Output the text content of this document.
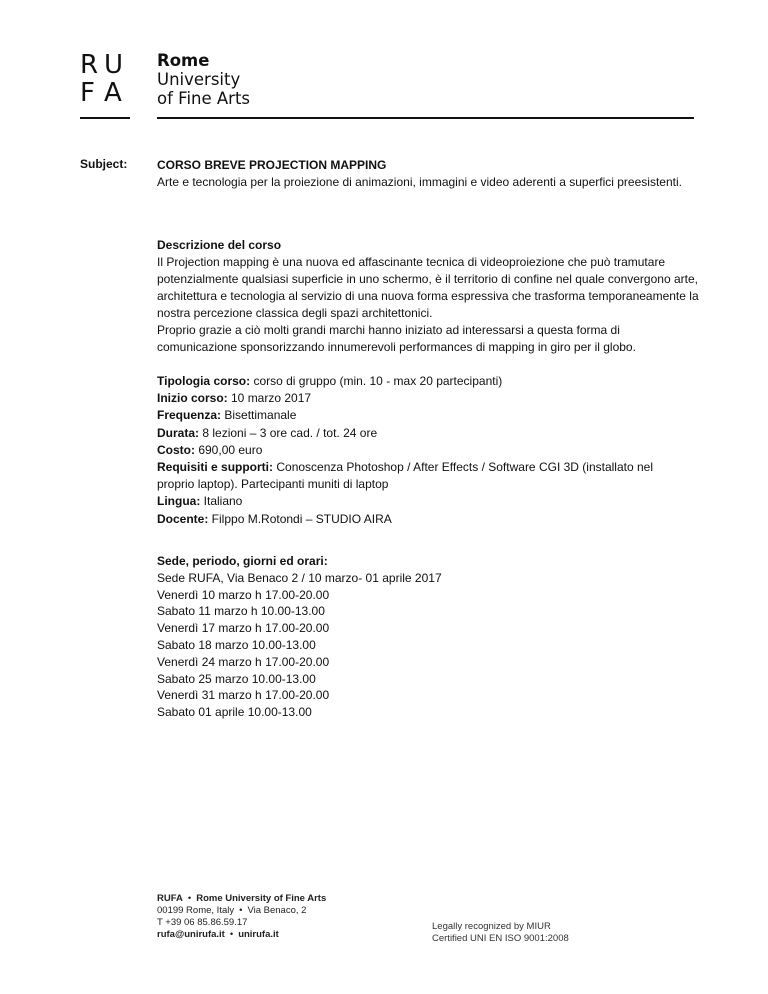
R U
F A
Rome
University
of Fine Arts
Subject: CORSO BREVE PROJECTION MAPPING
Arte e tecnologia per la proiezione di animazioni, immagini e video aderenti a superfici preesistenti.
Descrizione del corso

Il Projection mapping è una nuova ed affascinante tecnica di videoproiezione che può tramutare potenzialmente qualsiasi superficie in uno schermo, è il territorio di confine nel quale convergono arte, architettura e tecnologia al servizio di una nuova forma espressiva che trasforma temporaneamente la nostra percezione classica degli spazi architettonici.

Proprio grazie a ciò molti grandi marchi hanno iniziato ad interessarsi a questa forma di comunicazione sponsorizzando innumerevoli performances di mapping in giro per il globo.

Tipologia corso: corso di gruppo (min. 10 - max 20 partecipanti)
Inizio corso: 10 marzo 2017
Frequenza: Bisettimanale
Durata: 8 lezioni – 3 ore cad. / tot. 24 ore
Costo: 690,00 euro
Requisiti e supporti: Conoscenza Photoshop / After Effects / Software CGI 3D (installato nel proprio laptop). Partecipanti muniti di laptop
Lingua: Italiano
Docente: Filppo M.Rotondi – STUDIO AIRA
Sede, periodo, giorni ed orari:
Sede RUFA, Via Benaco 2 / 10 marzo- 01 aprile 2017
Venerdì 10 marzo h 17.00-20.00
Sabato 11 marzo h 10.00-13.00
Venerdì 17 marzo h 17.00-20.00
Sabato 18 marzo 10.00-13.00
Venerdì 24 marzo h 17.00-20.00
Sabato 25 marzo 10.00-13.00
Venerdì 31 marzo h 17.00-20.00
Sabato 01 aprile 10.00-13.00
RUFA • Rome University of Fine Arts
00199 Rome, Italy • Via Benaco, 2
T +39 06 85.86.59.17
rufa@unirufa.it • unirufa.it
Legally recognized by MIUR
Certified UNI EN ISO 9001:2008
